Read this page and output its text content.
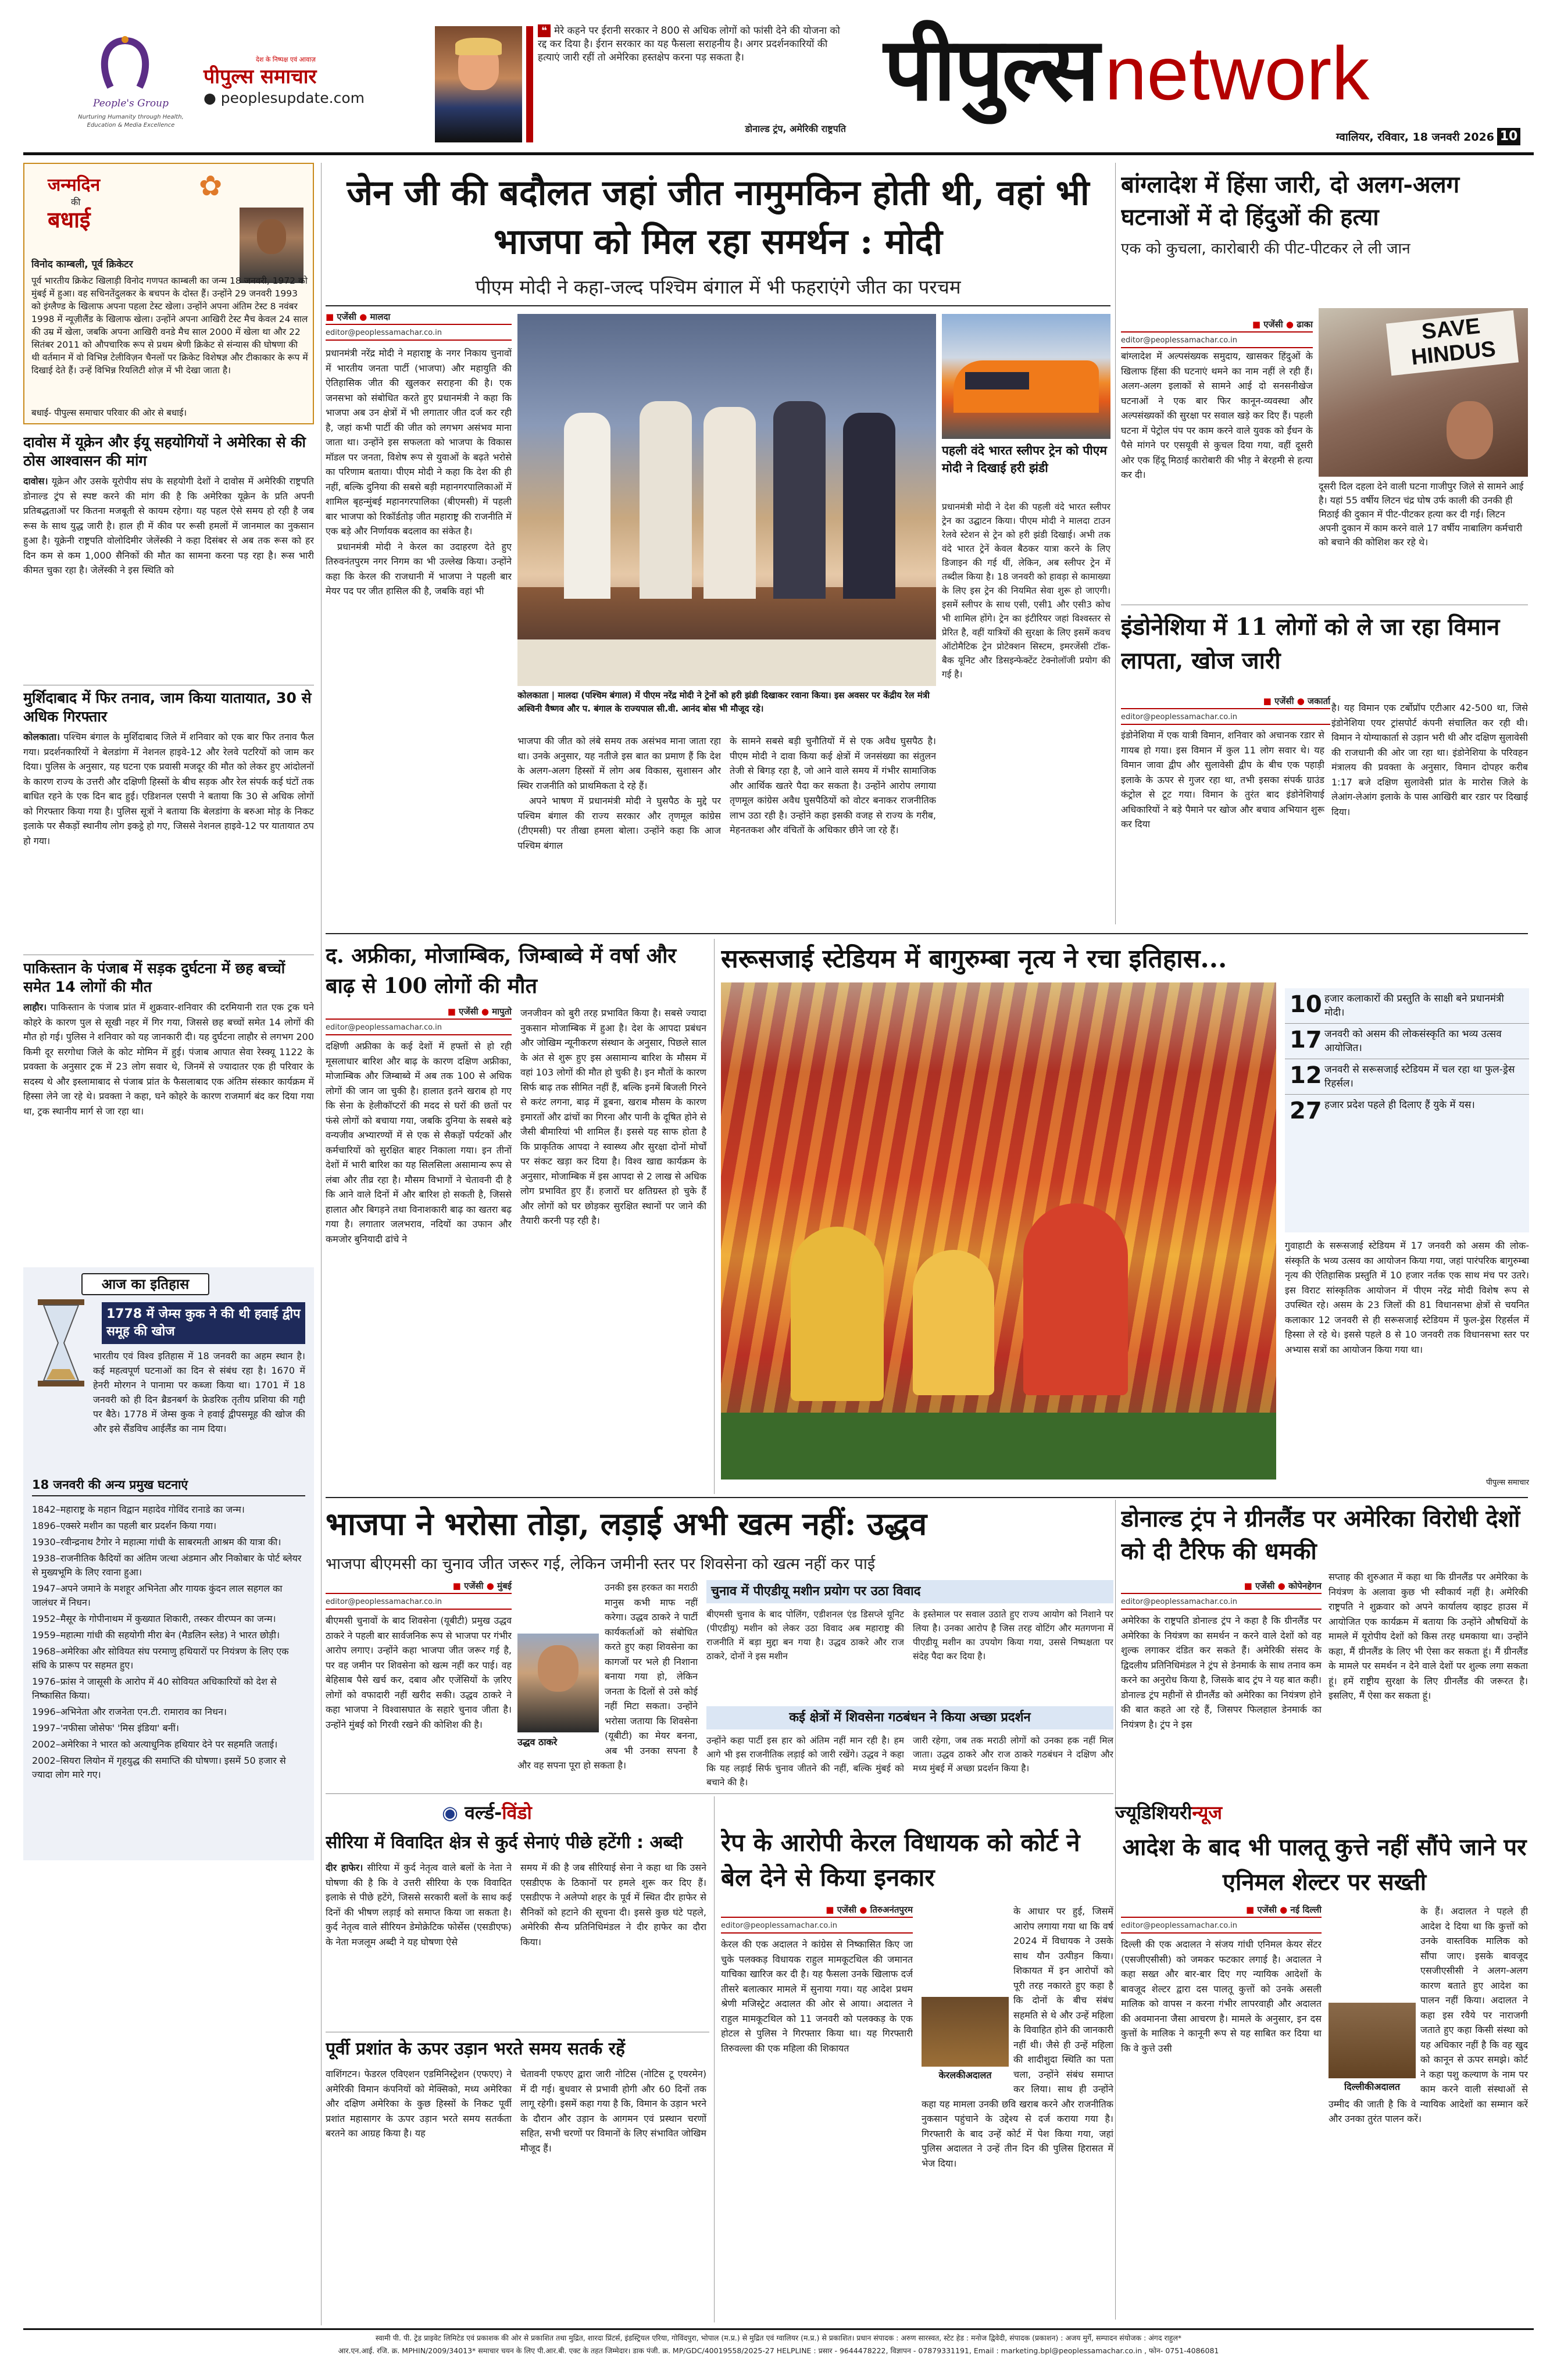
People's Group
Nurturing Humanity through Health, Education & Media Excellence
देश के निष्पक्ष एवं आवाज़
पीपुल्स समाचार
● peoplesupdate.com
❝ मेरे कहने पर ईरानी सरकार ने 800 से अधिक लोगों को फांसी देने की योजना को रद्द कर दिया है। ईरान सरकार का यह फैसला सराहनीय है। अगर प्रदर्शनकारियों की हत्याएं जारी रहीं तो अमेरिका हस्तक्षेप करना पड़ सकता है।
डोनाल्ड ट्रंप, अमेरिकी राष्ट्रपति
पीपुल्सnetwork
ग्वालियर, रविवार, 18 जनवरी 2026 10
जन्मदिन
की
बधाई
✿
विनोद काम्बली, पूर्व क्रिकेटर
पूर्व भारतीय क्रिकेट खिलाड़ी विनोद गणपत काम्बली का जन्म 18 जनवरी, 1972 को मुंबई में हुआ। वह सचिनतेंदुलकर के बचपन के दोस्त हैं। उन्होंने 29 जनवरी 1993 को इंग्लैण्ड के खिलाफ अपना पहला टेस्ट खेला। उन्होंने अपना अंतिम टेस्ट 8 नवंबर 1998 में न्यूज़ीलैंड के खिलाफ खेला। उन्होंने अपना आखिरी टेस्ट मैच केवल 24 साल की उम्र में खेला, जबकि अपना आखिरी वनडे मैच साल 2000 में खेला था और 22 सितंबर 2011 को औपचारिक रूप से प्रथम श्रेणी क्रिकेट से संन्यास की घोषणा की थी वर्तमान में वो विभिन्न टेलीविज़न चैनलों पर क्रिकेट विशेषज्ञ और टीकाकार के रूप में दिखाई देते हैं। उन्हें विभिन्न रियलिटी शोज़ में भी देखा जाता है।
बधाई- पीपुल्स समाचार परिवार की ओर से बधाई।
दावोस में यूक्रेन और ईयू सहयोगियों ने अमेरिका से की ठोस आश्वासन की मांग
दावोस। यूक्रेन और उसके यूरोपीय संघ के सहयोगी देशों ने दावोस में अमेरिकी राष्ट्रपति डोनाल्ड ट्रंप से स्पष्ट करने की मांग की है कि अमेरिका यूक्रेन के प्रति अपनी प्रतिबद्धताओं पर कितना मजबूती से कायम रहेगा। यह पहल ऐसे समय हो रही है जब रूस के साथ युद्ध जारी है। हाल ही में कीव पर रूसी हमलों में जानमाल का नुकसान हुआ है। यूक्रेनी राष्ट्रपति वोलोदिमीर जेलेंस्की ने कहा दिसंबर से अब तक रूस को हर दिन कम से कम 1,000 सैनिकों की मौत का सामना करना पड़ रहा है। रूस भारी कीमत चुका रहा है। जेलेंस्की ने इस स्थिति को
मुर्शिदाबाद में फिर तनाव, जाम किया यातायात, 30 से अधिक गिरफ्तार
कोलकाता। पश्चिम बंगाल के मुर्शिदाबाद जिले में शनिवार को एक बार फिर तनाव फैल गया। प्रदर्शनकारियों ने बेलडांगा में नेशनल हाइवे-12 और रेलवे पटरियों को जाम कर दिया। पुलिस के अनुसार, यह घटना एक प्रवासी मजदूर की मौत को लेकर हुए आंदोलनों के कारण राज्य के उत्तरी और दक्षिणी हिस्सों के बीच सड़क और रेल संपर्क कई घंटों तक बाधित रहने के एक दिन बाद हुई। एडिशनल एसपी ने बताया कि 30 से अधिक लोगों को गिरफ्तार किया गया है। पुलिस सूत्रों ने बताया कि बेलडांगा के बरुआ मोड़ के निकट इलाके पर सैकड़ों स्थानीय लोग इकट्ठे हो गए, जिससे नेशनल हाइवे-12 पर यातायात ठप हो गया।
पाकिस्तान के पंजाब में सड़क दुर्घटना में छह बच्चों समेत 14 लोगों की मौत
लाहौर। पाकिस्तान के पंजाब प्रांत में शुक्रवार-शनिवार की दरमियानी रात एक ट्रक घने कोहरे के कारण पुल से सूखी नहर में गिर गया, जिससे छह बच्चों समेत 14 लोगों की मौत हो गई। पुलिस ने शनिवार को यह जानकारी दी। यह दुर्घटना लाहौर से लगभग 200 किमी दूर सरगोधा जिले के कोट मोमिन में हुई। पंजाब आपात सेवा रेस्क्यू 1122 के प्रवक्ता के अनुसार ट्रक में 23 लोग सवार थे, जिनमें से ज्यादातर एक ही परिवार के सदस्य थे और इस्लामाबाद से पंजाब प्रांत के फैसलाबाद एक अंतिम संस्कार कार्यक्रम में हिस्सा लेने जा रहे थे। प्रवक्ता ने कहा, घने कोहरे के कारण राजमार्ग बंद कर दिया गया था, ट्रक स्थानीय मार्ग से जा रहा था।
आज का इतिहास
1778 में जेम्स कुक ने की थी हवाई द्वीप समूह की खोज
भारतीय एवं विश्व इतिहास में 18 जनवरी का अहम स्थान है। कई महत्वपूर्ण घटनाओं का दिन से संबंध रहा है। 1670 में हेनरी मोरगन ने पानामा पर कब्जा किया था। 1701 में 18 जनवरी को ही दिन ब्रैडनबर्ग के फ्रेडरिक तृतीय प्रशिया की गद्दी पर बैठे। 1778 में जेम्स कुक ने हवाई द्वीपसमूह की खोज की और इसे सैंडविच आईलैंड का नाम दिया।
18 जनवरी की अन्य प्रमुख घटनाएं
1842–महाराष्ट्र के महान विद्वान महादेव गोविंद रानाडे का जन्म।
1896–एक्सरे मशीन का पहली बार प्रदर्शन किया गया।
1930–रवीन्द्रनाथ टैगोर ने महात्मा गांधी के साबरमती आश्रम की यात्रा की।
1938–राजनीतिक कैदियों का अंतिम जत्था अंडमान और निकोबार के पोर्ट ब्लेयर से मुख्यभूमि के लिए रवाना हुआ।
1947–अपने जमाने के मशहूर अभिनेता और गायक कुंदन लाल सहगल का जालंधर में निधन।
1952–मैसूर के गोपीनाथम में कुख्यात शिकारी, तस्कर वीरप्पन का जन्म।
1959–महात्मा गांधी की सहयोगी मीरा बेन (मैडलिन स्लेड) ने भारत छोड़ी।
1968–अमेरिका और सोवियत संघ परमाणु हथियारों पर नियंत्रण के लिए एक संधि के प्रारूप पर सहमत हुए।
1976–फ्रांस ने जासूसी के आरोप में 40 सोवियत अधिकारियों को देश से निष्कासित किया।
1996–अभिनेता और राजनेता एन.टी. रामाराव का निधन।
1997–'नफीसा जोसेफ' 'मिस इंडिया' बनीं।
2002–अमेरिका ने भारत को अत्याधुनिक हथियार देने पर सहमति जताई।
2002–सियरा लियोन में गृहयुद्ध की समाप्ति की घोषणा। इसमें 50 हजार से ज्यादा लोग मारे गए।
जेन जी की बदौलत जहां जीत नामुमकिन होती थी, वहां भी भाजपा को मिल रहा समर्थन : मोदी
पीएम मोदी ने कहा-जल्द पश्चिम बंगाल में भी फहराएंगे जीत का परचम
■ एजेंसी ● मालदा
editor@peoplessamachar.co.in

प्रधानमंत्री नरेंद्र मोदी ने महाराष्ट्र के नगर निकाय चुनावों में भारतीय जनता पार्टी (भाजपा) और महायुति की ऐतिहासिक जीत की खुलकर सराहना की है। एक जनसभा को संबोधित करते हुए प्रधानमंत्री ने कहा कि भाजपा अब उन क्षेत्रों में भी लगातार जीत दर्ज कर रही है, जहां कभी पार्टी की जीत को लगभग असंभव माना जाता था। उन्होंने इस सफलता को भाजपा के विकास मॉडल पर जनता, विशेष रूप से युवाओं के बढ़ते भरोसे का परिणाम बताया। पीएम मोदी ने कहा कि देश की ही नहीं, बल्कि दुनिया की सबसे बड़ी महानगरपालिकाओं में शामिल बृहन्मुंबई महानगरपालिका (बीएमसी) में पहली बार भाजपा को रिकॉर्डतोड़ जीत महाराष्ट्र की राजनीति में एक बड़े और निर्णायक बदलाव का संकेत है।

प्रधानमंत्री मोदी ने केरल का उदाहरण देते हुए तिरुवनंतपुरम नगर निगम का भी उल्लेख किया। उन्होंने कहा कि केरल की राजधानी में भाजपा ने पहली बार मेयर पद पर जीत हासिल की है, जबकि वहां भी

कोलकाता | मालदा (पश्चिम बंगाल) में पीएम नरेंद्र मोदी ने ट्रेनों को हरी झंडी दिखाकर रवाना किया। इस अवसर पर केंद्रीय रेल मंत्री अश्विनी वैष्णव और प. बंगाल के राज्यपाल सी.वी. आनंद बोस भी मौजूद रहे।

भाजपा की जीत को लंबे समय तक असंभव माना जाता रहा था। उनके अनुसार, यह नतीजे इस बात का प्रमाण हैं कि देश के अलग-अलग हिस्सों में लोग अब विकास, सुशासन और स्थिर राजनीति को प्राथमिकता दे रहे हैं।

अपने भाषण में प्रधानमंत्री मोदी ने घुसपैठ के मुद्दे पर पश्चिम बंगाल की राज्य सरकार और तृणमूल कांग्रेस (टीएमसी) पर तीखा हमला बोला। उन्होंने कहा कि आज पश्चिम बंगाल

के सामने सबसे बड़ी चुनौतियों में से एक अवैध घुसपैठ है। पीएम मोदी ने दावा किया कई क्षेत्रों में जनसंख्या का संतुलन तेजी से बिगड़ रहा है, जो आने वाले समय में गंभीर सामाजिक और आर्थिक खतरे पैदा कर सकता है। उन्होंने आरोप लगाया तृणमूल कांग्रेस अवैध घुसपैठियों को वोटर बनाकर राजनीतिक लाभ उठा रही है। उन्होंने कहा इसकी वजह से राज्य के गरीब, मेहनतकश और वंचितों के अधिकार छीने जा रहे हैं।
पहली वंदे भारत स्लीपर ट्रेन को पीएम मोदी ने दिखाई हरी झंडी
प्रधानमंत्री मोदी ने देश की पहली वंदे भारत स्लीपर ट्रेन का उद्घाटन किया। पीएम मोदी ने मालदा टाउन रेलवे स्टेशन से ट्रेन को हरी झंडी दिखाई। अभी तक वंदे भारत ट्रेनें केवल बैठकर यात्रा करने के लिए डिजाइन की गई थीं, लेकिन, अब स्लीपर ट्रेन में तब्दील किया है। 18 जनवरी को हावड़ा से कामाख्या के लिए इस ट्रेन की नियमित सेवा शुरू हो जाएगी। इसमें स्लीपर के साथ एसी, एसी1 और एसी3 कोच भी शामिल होंगे। ट्रेन का इंटीरियर जहां विश्वस्तर से प्रेरित है, वहीं यात्रियों की सुरक्षा के लिए इसमें कवच ऑटोमैटिक ट्रेन प्रोटेक्शन सिस्टम, इमरजेंसी टॉक-बैक यूनिट और डिसइन्फेक्टेंट टेक्नोलॉजी प्रयोग की गई है।
बांग्लादेश में हिंसा जारी, दो अलग-अलग घटनाओं में दो हिंदुओं की हत्या
एक को कुचला, कारोबारी की पीट-पीटकर ले ली जान
■ एजेंसी ● ढाका
editor@peoplessamachar.co.in
बांग्लादेश में अल्पसंख्यक समुदाय, खासकर हिंदुओं के खिलाफ हिंसा की घटनाएं थमने का नाम नहीं ले रही हैं। अलग-अलग इलाकों से सामने आई दो सनसनीखेज घटनाओं ने एक बार फिर कानून-व्यवस्था और अल्पसंख्यकों की सुरक्षा पर सवाल खड़े कर दिए हैं। पहली घटना में पेट्रोल पंप पर काम करने वाले युवक को ईंधन के पैसे मांगने पर एसयूवी से कुचल दिया गया, वहीं दूसरी ओर एक हिंदू मिठाई कारोबारी की भीड़ ने बेरहमी से हत्या कर दी।
SAVE HINDUS
दूसरी दिल दहला देने वाली घटना गाजीपुर जिले से सामने आई है। यहां 55 वर्षीय लिटन चंद्र घोष उर्फ काली की उनकी ही मिठाई की दुकान में पीट-पीटकर हत्या कर दी गई। लिटन अपनी दुकान में काम करने वाले 17 वर्षीय नाबालिग कर्मचारी को बचाने की कोशिश कर रहे थे।
इंडोनेशिया में 11 लोगों को ले जा रहा विमान लापता, खोज जारी
■ एजेंसी ● जकार्ता
editor@peoplessamachar.co.in
इंडोनेशिया में एक यात्री विमान, शनिवार को अचानक रडार से गायब हो गया। इस विमान में कुल 11 लोग सवार थे। यह विमान जावा द्वीप और सुलावेसी द्वीप के बीच एक पहाड़ी इलाके के ऊपर से गुजर रहा था, तभी इसका संपर्क ग्राउंड कंट्रोल से टूट गया। विमान के तुरंत बाद इंडोनेशियाई अधिकारियों ने बड़े पैमाने पर खोज और बचाव अभियान शुरू कर दिया
है। यह विमान एक टर्बोप्रॉप एटीआर 42-500 था, जिसे इंडोनेशिया एयर ट्रांसपोर्ट कंपनी संचालित कर रही थी। विमान ने योग्याकार्ता से उड़ान भरी थी और दक्षिण सुलावेसी की राजधानी की ओर जा रहा था। इंडोनेशिया के परिवहन मंत्रालय की प्रवक्ता के अनुसार, विमान दोपहर करीब 1:17 बजे दक्षिण सुलावेसी प्रांत के मारोस जिले के लेआंग-लेआंग इलाके के पास आखिरी बार रडार पर दिखाई दिया।
द. अफ्रीका, मोजाम्बिक, जिम्बाब्वे में वर्षा और बाढ़ से 100 लोगों की मौत
■ एजेंसी ● मापुतो
editor@peoplessamachar.co.in
दक्षिणी अफ्रीका के कई देशों में हफ्तों से हो रही मूसलाधार बारिश और बाढ़ के कारण दक्षिण अफ्रीका, मोजाम्बिक और जिम्बाब्वे में अब तक 100 से अधिक लोगों की जान जा चुकी है। हालात इतने खराब हो गए कि सेना के हेलीकॉप्टरों की मदद से घरों की छतों पर फंसे लोगों को बचाया गया, जबकि दुनिया के सबसे बड़े वन्यजीव अभ्यारण्यों में से एक से सैकड़ों पर्यटकों और कर्मचारियों को सुरक्षित बाहर निकाला गया। इन तीनों देशों में भारी बारिश का यह सिलसिला असामान्य रूप से लंबा और तीव्र रहा है। मौसम विभागों ने चेतावनी दी है कि आने वाले दिनों में और बारिश हो सकती है, जिससे हालात और बिगड़ने तथा विनाशकारी बाढ़ का खतरा बढ़ गया है। लगातार जलभराव, नदियों का उफान और कमजोर बुनियादी ढांचे ने
जनजीवन को बुरी तरह प्रभावित किया है। सबसे ज्यादा नुकसान मोजाम्बिक में हुआ है। देश के आपदा प्रबंधन और जोखिम न्यूनीकरण संस्थान के अनुसार, पिछले साल के अंत से शुरू हुए इस असामान्य बारिश के मौसम में वहां 103 लोगों की मौत हो चुकी है। इन मौतों के कारण सिर्फ बाढ़ तक सीमित नहीं हैं, बल्कि इनमें बिजली गिरने से करंट लगना, बाढ़ में डूबना, खराब मौसम के कारण इमारतों और ढांचों का गिरना और पानी के दूषित होने से जैसी बीमारियां भी शामिल हैं। इससे यह साफ होता है कि प्राकृतिक आपदा ने स्वास्थ्य और सुरक्षा दोनों मोर्चों पर संकट खड़ा कर दिया है। विश्व खाद्य कार्यक्रम के अनुसार, मोजाम्बिक में इस आपदा से 2 लाख से अधिक लोग प्रभावित हुए हैं। हजारों घर क्षतिग्रस्त हो चुके हैं और लोगों को घर छोड़कर सुरक्षित स्थानों पर जाने की तैयारी करनी पड़ रही है।
सरूसजाई स्टेडियम में बागुरुम्बा नृत्य ने रचा इतिहास...
10 हजार कलाकारों की प्रस्तुति के साक्षी बने प्रधानमंत्री मोदी।
17 जनवरी को असम की लोकसंस्कृति का भव्य उत्सव आयोजित।
12 जनवरी से सरूसजाई स्टेडियम में चल रहा था फुल-ड्रेस रिहर्सल।
27 हजार प्रदेश पहले ही दिलाए हैं युके में यस।
गुवाहाटी के सरूसजाई स्टेडियम में 17 जनवरी को असम की लोक-संस्कृति के भव्य उत्सव का आयोजन किया गया, जहां पारंपरिक बागुरुम्बा नृत्य की ऐतिहासिक प्रस्तुति में 10 हजार नर्तक एक साथ मंच पर उतरे। इस विराट सांस्कृतिक आयोजन में पीएम नरेंद्र मोदी विशेष रूप से उपस्थित रहे। असम के 23 जिलों की 81 विधानसभा क्षेत्रों से चयनित कलाकार 12 जनवरी से ही सरूसजाई स्टेडियम में फुल-ड्रेस रिहर्सल में हिस्सा ले रहे थे। इससे पहले 8 से 10 जनवरी तक विधानसभा स्तर पर अभ्यास सत्रों का आयोजन किया गया था।
पीपुल्स समाचार
भाजपा ने भरोसा तोड़ा, लड़ाई अभी खत्म नहीं: उद्धव
भाजपा बीएमसी का चुनाव जीत जरूर गई, लेकिन जमीनी स्तर पर शिवसेना को खत्म नहीं कर पाई
■ एजेंसी ● मुंबई
editor@peoplessamachar.co.in
बीएमसी चुनावों के बाद शिवसेना (यूबीटी) प्रमुख उद्धव ठाकरे ने पहली बार सार्वजनिक रूप से भाजपा पर गंभीर आरोप लगाए। उन्होंने कहा भाजपा जीत जरूर गई है, पर वह जमीन पर शिवसेना को खत्म नहीं कर पाई। वह बेहिसाब पैसे खर्च कर, दबाव और एजेंसियों के ज़रिए लोगों को वफादारी नहीं खरीद सकी। उद्धव ठाकरे ने कहा भाजपा ने विश्वासघात के सहारे चुनाव जीता है। उन्होंने मुंबई को गिरवी रखने की कोशिश की है।
उद्धव ठाकरे
उनकी इस हरकत का मराठी मानुस कभी माफ नहीं करेगा। उद्धव ठाकरे ने पार्टी कार्यकर्ताओं को संबोधित करते हुए कहा शिवसेना का कागजों पर भले ही निशाना बनाया गया हो, लेकिन जनता के दिलों से उसे कोई नहीं मिटा सकता। उन्होंने भरोसा जताया कि शिवसेना (यूबीटी) का मेयर बनना, अब भी उनका सपना है और वह सपना पूरा हो सकता है।
चुनाव में पीएडीयू मशीन प्रयोग पर उठा विवाद
बीएमसी चुनाव के बाद पोलिंग, एडीशनल एंड डिसप्ले यूनिट (पीएडीयू) मशीन को लेकर उठा विवाद अब महाराष्ट्र की राजनीति में बड़ा मुद्दा बन गया है। उद्धव ठाकरे और राज ठाकरे, दोनों ने इस मशीन
के इस्तेमाल पर सवाल उठाते हुए राज्य आयोग को निशाने पर लिया है। उनका आरोप है जिस तरह वोटिंग और मतगणना में पीएडीयू मशीन का उपयोग किया गया, उससे निष्पक्षता पर संदेह पैदा कर दिया है।
कई क्षेत्रों में शिवसेना गठबंधन ने किया अच्छा प्रदर्शन
उन्होंने कहा पार्टी इस हार को अंतिम नहीं मान रही है। हम आगे भी इस राजनीतिक लड़ाई को जारी रखेंगे। उद्धव ने कहा कि यह लड़ाई सिर्फ चुनाव जीतने की नहीं, बल्कि मुंबई को बचाने की है।
जारी रहेगा, जब तक मराठी लोगों को उनका हक नहीं मिल जाता। उद्धव ठाकरे और राज ठाकरे गठबंधन ने दक्षिण और मध्य मुंबई में अच्छा प्रदर्शन किया है।
डोनाल्ड ट्रंप ने ग्रीनलैंड पर अमेरिका विरोधी देशों को दी टैरिफ की धमकी
■ एजेंसी ● कोपेनहेगन
editor@peoplessamachar.co.in
अमेरिका के राष्ट्रपति डोनाल्ड ट्रंप ने कहा है कि ग्रीनलैंड पर अमेरिका के नियंत्रण का समर्थन न करने वाले देशों को वह शुल्क लगाकर दंडित कर सकते हैं। अमेरिकी संसद के द्विदलीय प्रतिनिधिमंडल ने ट्रंप से डेनमार्क के साथ तनाव कम करने का अनुरोध किया है, जिसके बाद ट्रंप ने यह बात कही। डोनाल्ड ट्रंप महीनों से ग्रीनलैंड को अमेरिका का नियंत्रण होने की बात कहते आ रहे हैं, जिसपर फिलहाल डेनमार्क का नियंत्रण है। ट्रंप ने इस
सप्ताह की शुरुआत में कहा था कि ग्रीनलैंड पर अमेरिका के नियंत्रण के अलावा कुछ भी स्वीकार्य नहीं है। अमेरिकी राष्ट्रपति ने शुक्रवार को अपने कार्यालय व्हाइट हाउस में आयोजित एक कार्यक्रम में बताया कि उन्होंने औषधियों के मामले में यूरोपीय देशों को किस तरह धमकाया था। उन्होंने कहा, मैं ग्रीनलैंड के लिए भी ऐसा कर सकता हूं। मैं ग्रीनलैंड के मामले पर समर्थन न देने वाले देशों पर शुल्क लगा सकता हूं। हमें राष्ट्रीय सुरक्षा के लिए ग्रीनलैंड की जरूरत है। इसलिए, मैं ऐसा कर सकता हूं।
◉ वर्ल्ड-विंडो
सीरिया में विवादित क्षेत्र से कुर्द सेनाएं पीछे हटेंगी : अब्दी
दीर हाफेर। सीरिया में कुर्द नेतृत्व वाले बलों के नेता ने घोषणा की है कि वे उत्तरी सीरिया के एक विवादित इलाके से पीछे हटेंगे, जिससे सरकारी बलों के साथ कई दिनों की भीषण लड़ाई को समाप्त किया जा सकता है। कुर्द नेतृत्व वाले सीरियन डेमोक्रेटिक फोर्सेस (एसडीएफ) के नेता मजलूम अब्दी ने यह घोषणा ऐसे
समय में की है जब सीरियाई सेना ने कहा था कि उसने एसडीएफ के ठिकानों पर हमले शुरू कर दिए हैं। एसडीएफ ने अलेप्पो शहर के पूर्व में स्थित दीर हाफेर से सैनिकों को हटाने की सूचना दी। इससे कुछ घंटे पहले, अमेरिकी सैन्य प्रतिनिधिमंडल ने दीर हाफेर का दौरा किया।
पूर्वी प्रशांत के ऊपर उड़ान भरते समय सतर्क रहें
वाशिंगटन। फेडरल एविएशन एडमिनिस्ट्रेशन (एफएए) ने अमेरिकी विमान कंपनियों को मेक्सिको, मध्य अमेरिका और दक्षिण अमेरिका के कुछ हिस्सों के निकट पूर्वी प्रशांत महासागर के ऊपर उड़ान भरते समय सतर्कता बरतने का आग्रह किया है। यह
चेतावनी एफएए द्वारा जारी नोटिस (नोटिस टू एयरमेन) में दी गई। बुधवार से प्रभावी होगी और 60 दिनों तक लागू रहेगी। इसमें कहा गया है कि, विमान के उड़ान भरने के दौरान और उड़ान के आगमन एवं प्रस्थान चरणों सहित, सभी चरणों पर विमानों के लिए संभावित जोखिम मौजूद हैं।
रेप के आरोपी केरल विधायक को कोर्ट ने बेल देने से किया इनकार
■ एजेंसी ● तिरुअनंतपुरम
editor@peoplessamachar.co.in
केरल की एक अदालत ने कांग्रेस से निष्कासित किए जा चुके पलक्कड़ विधायक राहुल मामकूटथिल की जमानत याचिका खारिज कर दी है। यह फैसला उनके खिलाफ दर्ज तीसरे बलात्कार मामले में सुनाया गया। यह आदेश प्रथम श्रेणी मजिस्ट्रेट अदालत की ओर से आया। अदालत ने राहुल मामकूटथिल को 11 जनवरी को पलक्कड़ के एक होटल से पुलिस ने गिरफ्तार किया था। यह गिरफ्तारी तिरुवल्ला की एक महिला की शिकायत
केरलकीअदालत
के आधार पर हुई, जिसमें आरोप लगाया गया था कि वर्ष 2024 में विधायक ने उसके साथ यौन उत्पीड़न किया। शिकायत में इन आरोपों को पूरी तरह नकारते हुए कहा है कि दोनों के बीच संबंध सहमति से थे और उन्हें महिला के विवाहित होने की जानकारी नहीं थी। जैसे ही उन्हें महिला की शादीशुदा स्थिति का पता चला, उन्होंने संबंध समाप्त कर लिया। साथ ही उन्होंने कहा यह मामला उनकी छवि खराब करने और राजनीतिक नुकसान पहुंचाने के उद्देश्य से दर्ज कराया गया है। गिरफ्तारी के बाद उन्हें कोर्ट में पेश किया गया, जहां पुलिस अदालत ने उन्हें तीन दिन की पुलिस हिरासत में भेज दिया।
ज्यूडिशियरीन्यूज
आदेश के बाद भी पालतू कुत्ते नहीं सौंपे जाने पर एनिमल शेल्टर पर सख्ती
■ एजेंसी ● नई दिल्ली
editor@peoplessamachar.co.in
दिल्ली की एक अदालत ने संजय गांधी एनिमल केयर सेंटर (एसजीएसीसी) को जमकर फटकार लगाई है। अदालत ने कहा सख्त और बार-बार दिए गए न्यायिक आदेशों के बावजूद शेल्टर द्वारा दस पालतू कुत्तों को उनके असली मालिक को वापस न करना गंभीर लापरवाही और अदालत की अवमानना जैसा आचरण है। मामले के अनुसार, इन दस कुत्तों के मालिक ने कानूनी रूप से यह साबित कर दिया था कि वे कुत्ते उसी
दिल्लीकीअदालत
के हैं। अदालत ने पहले ही आदेश दे दिया था कि कुत्तों को उनके वास्तविक मालिक को सौंपा जाए। इसके बावजूद एसजीएसीसी ने अलग-अलग कारण बताते हुए आदेश का पालन नहीं किया। अदालत ने कहा इस रवैये पर नाराजगी जताते हुए कहा किसी संस्था को यह अधिकार नहीं है कि वह खुद को कानून से ऊपर समझे। कोर्ट ने कहा पशु कल्याण के नाम पर काम करने वाली संस्थाओं से उम्मीद की जाती है कि वे न्यायिक आदेशों का सम्मान करें और उनका तुरंत पालन करें।
स्वामी पी. पी. ट्रेड प्राइवेट लिमिटेड एवं प्रकाशक की ओर से प्रकाशित तथा मुद्रित, शारदा प्रिंटर्स, इंडस्ट्रियल एरिया, गोविंदपुरा, भोपाल (म.प्र.) से मुद्रित एवं ग्वालियर (म.प्र.) से प्रकाशित। प्रधान संपादक : अरुण सारस्वत, स्टेट हेड : मनोज द्विवेदी, संपादक (प्रकाशन) : अजय मुर्गे, सम्पादन संयोजक : अंगद राहुल*
आर.एन.आई. रजि. क्र. MPHIN/2009/34013* समाचार चयन के लिए पी.आर.बी. एक्ट के तहत जिम्मेदार। डाक पंजी. क्र. MP/GDC/40019558/2025-27 HELPLINE : प्रसार - 9644478222, विज्ञापन - 07879331191, Email : marketing.bpl@peoplessamachar.co.in , फोन- 0751-4086081
